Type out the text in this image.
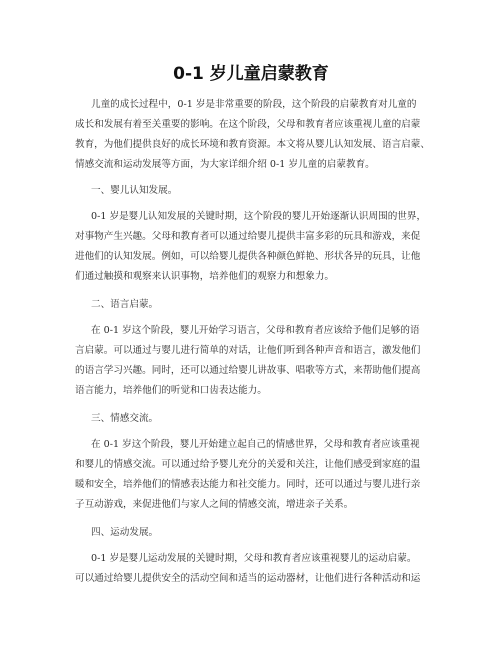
0-1 岁儿童启蒙教育
儿童的成长过程中，0-1 岁是非常重要的阶段，这个阶段的启蒙教育对儿童的
成长和发展有着至关重要的影响。在这个阶段，父母和教育者应该重视儿童的启蒙
教育，为他们提供良好的成长环境和教育资源。本文将从婴儿认知发展、语言启蒙、
情感交流和运动发展等方面，为大家详细介绍 0-1 岁儿童的启蒙教育。
一、婴儿认知发展。
0-1 岁是婴儿认知发展的关键时期，这个阶段的婴儿开始逐渐认识周围的世界，
对事物产生兴趣。父母和教育者可以通过给婴儿提供丰富多彩的玩具和游戏，来促
进他们的认知发展。例如，可以给婴儿提供各种颜色鲜艳、形状各异的玩具，让他
们通过触摸和观察来认识事物，培养他们的观察力和想象力。
二、语言启蒙。
在 0-1 岁这个阶段，婴儿开始学习语言，父母和教育者应该给予他们足够的语
言启蒙。可以通过与婴儿进行简单的对话，让他们听到各种声音和语言，激发他们
的语言学习兴趣。同时，还可以通过给婴儿讲故事、唱歌等方式，来帮助他们提高
语言能力，培养他们的听觉和口齿表达能力。
三、情感交流。
在 0-1 岁这个阶段，婴儿开始建立起自己的情感世界，父母和教育者应该重视
和婴儿的情感交流。可以通过给予婴儿充分的关爱和关注，让他们感受到家庭的温
暖和安全，培养他们的情感表达能力和社交能力。同时，还可以通过与婴儿进行亲
子互动游戏，来促进他们与家人之间的情感交流，增进亲子关系。
四、运动发展。
0-1 岁是婴儿运动发展的关键时期，父母和教育者应该重视婴儿的运动启蒙。
可以通过给婴儿提供安全的活动空间和适当的运动器材，让他们进行各种活动和运
